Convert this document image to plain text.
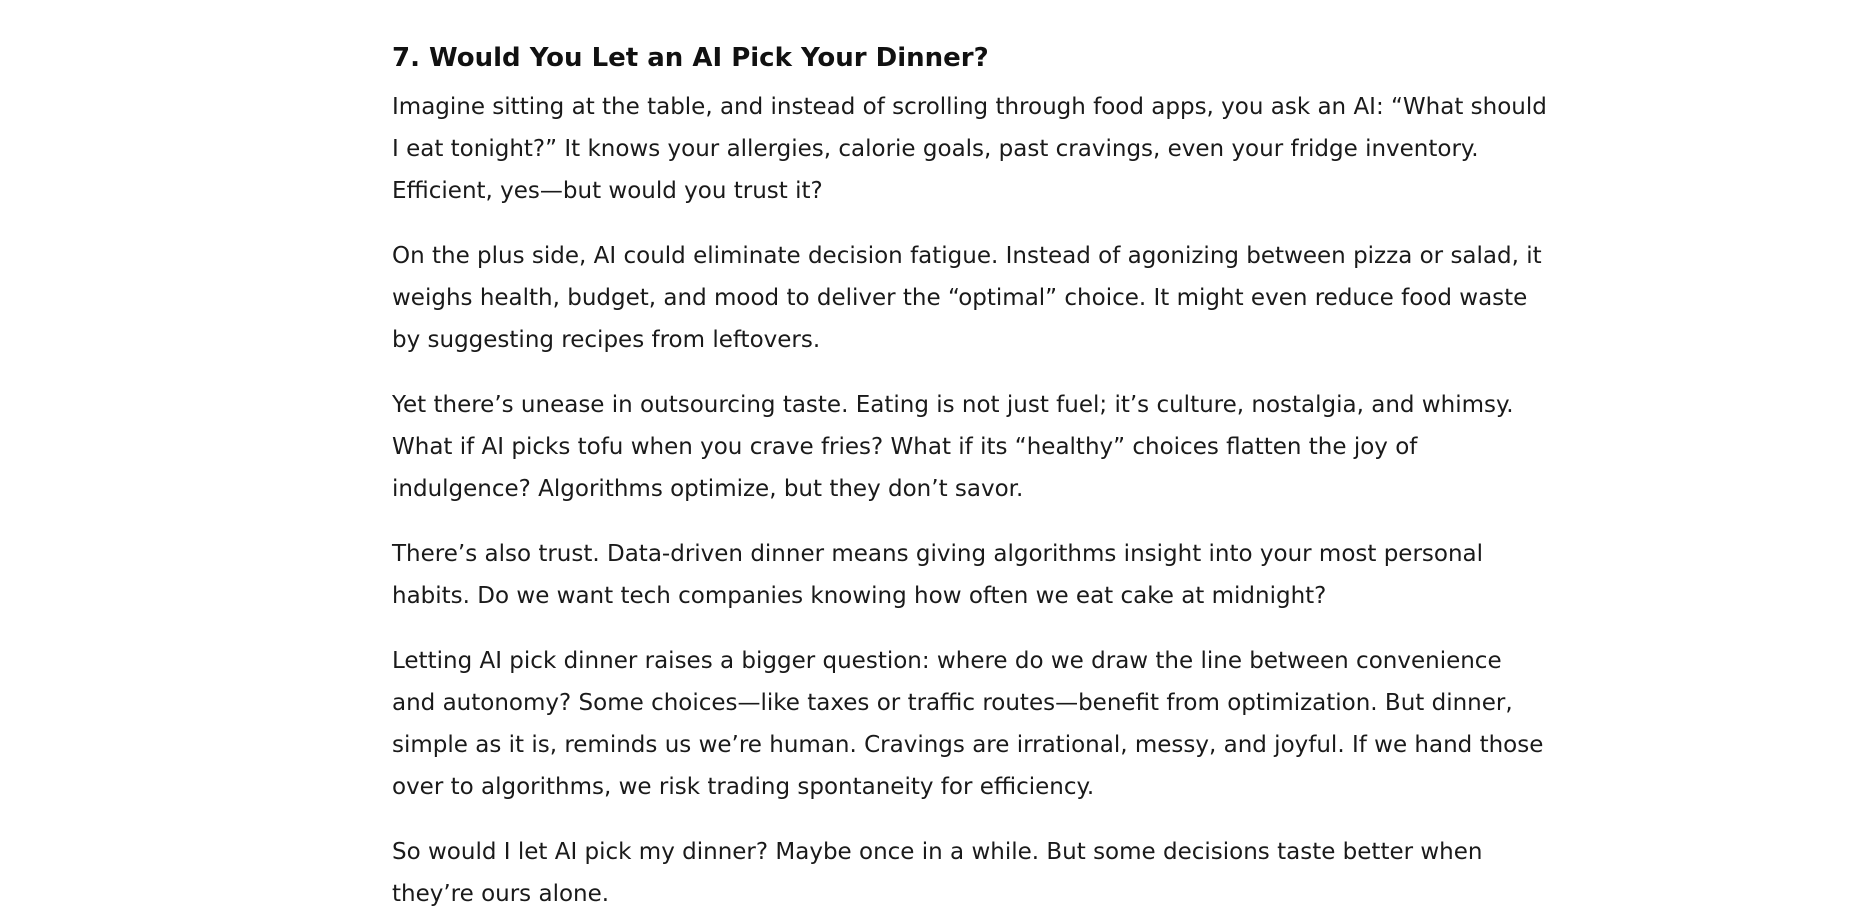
7. Would You Let an AI Pick Your Dinner?

Imagine sitting at the table, and instead of scrolling through food apps, you ask an AI: “What should I eat tonight?” It knows your allergies, calorie goals, past cravings, even your fridge inventory. Efficient, yes—but would you trust it?

On the plus side, AI could eliminate decision fatigue. Instead of agonizing between pizza or salad, it weighs health, budget, and mood to deliver the “optimal” choice. It might even reduce food waste by suggesting recipes from leftovers.

Yet there’s unease in outsourcing taste. Eating is not just fuel; it’s culture, nostalgia, and whimsy. What if AI picks tofu when you crave fries? What if its “healthy” choices flatten the joy of indulgence? Algorithms optimize, but they don’t savor.

There’s also trust. Data-driven dinner means giving algorithms insight into your most personal habits. Do we want tech companies knowing how often we eat cake at midnight?

Letting AI pick dinner raises a bigger question: where do we draw the line between convenience and autonomy? Some choices—like taxes or traffic routes—benefit from optimization. But dinner, simple as it is, reminds us we’re human. Cravings are irrational, messy, and joyful. If we hand those over to algorithms, we risk trading spontaneity for efficiency.

So would I let AI pick my dinner? Maybe once in a while. But some decisions taste better when they’re ours alone.
